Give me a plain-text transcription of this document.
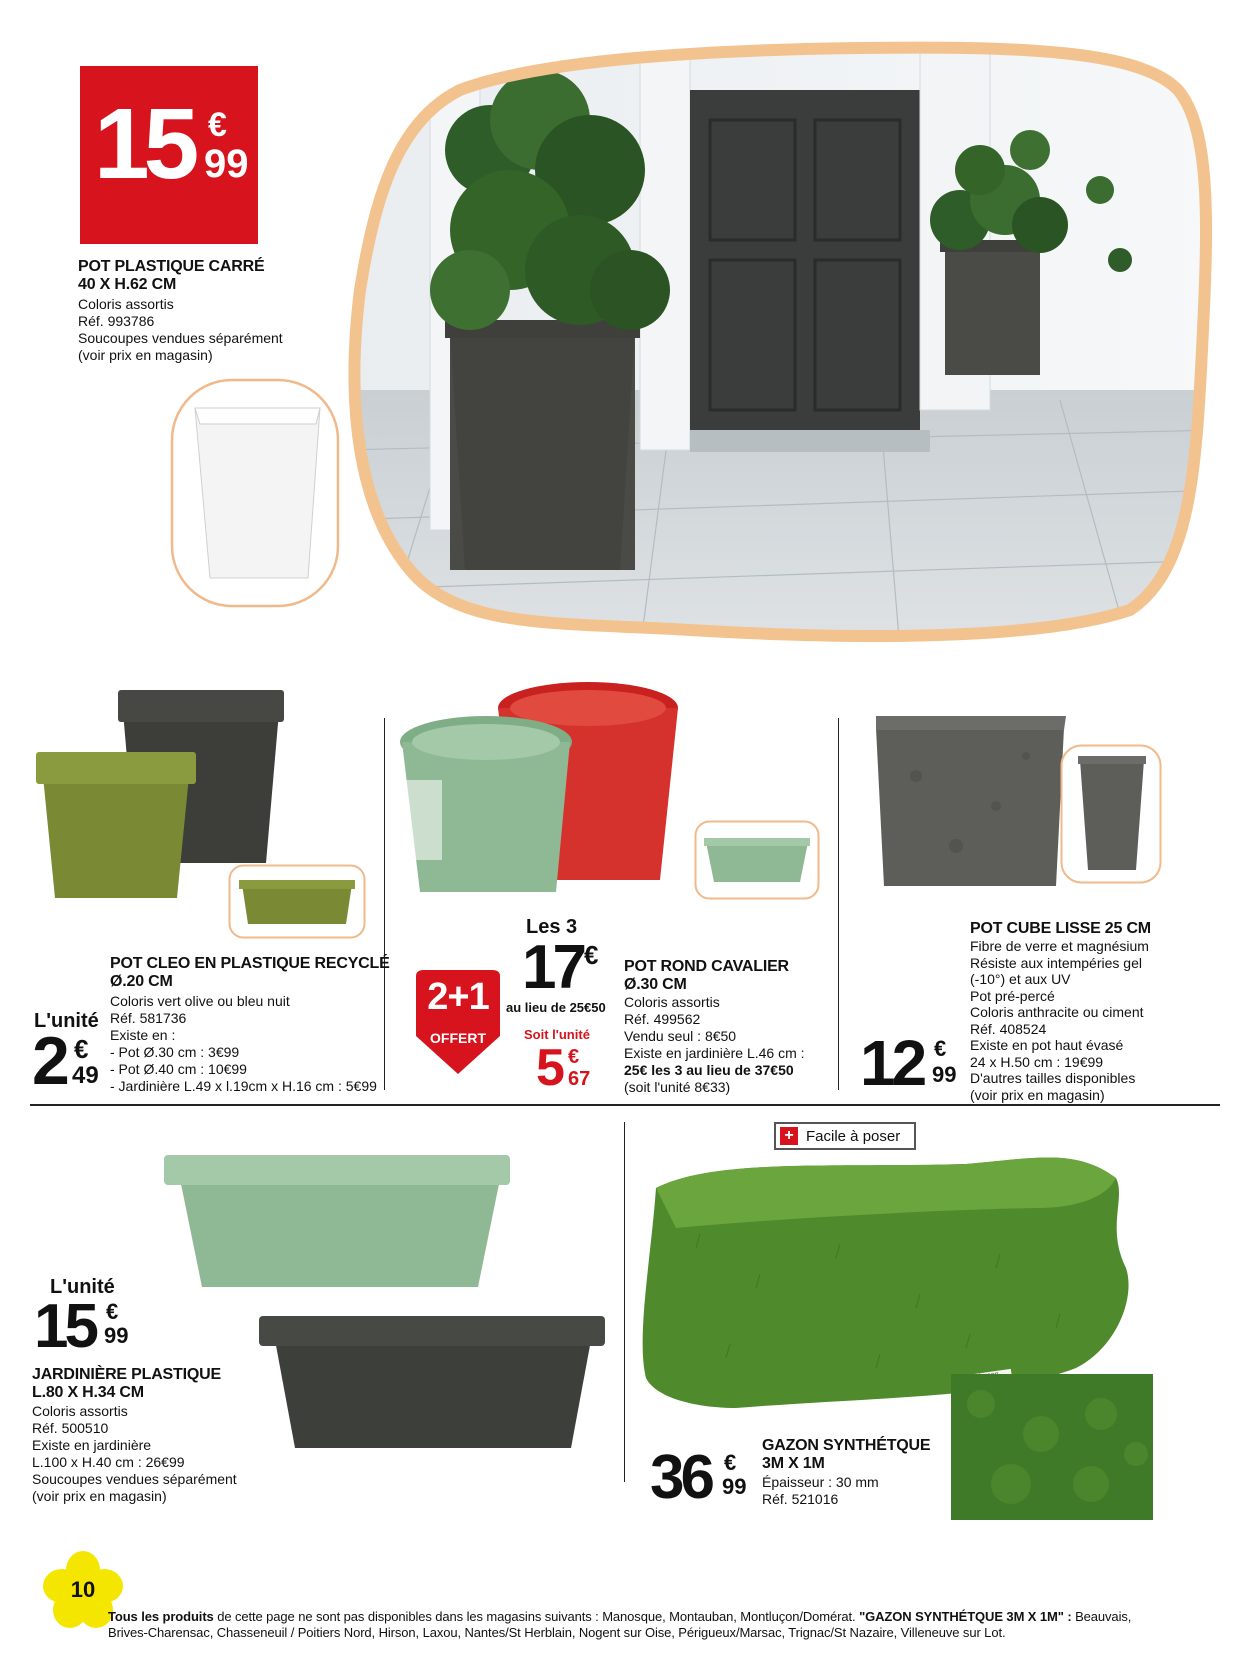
15 €
99
POT PLASTIQUE CARRÉ
40 X H.62 CM
Coloris assortis
Réf. 993786
Soucoupes vendues séparément
(voir prix en magasin)
POT CLEO EN PLASTIQUE RECYCLÉ
Ø.20 CM
L'unité
2 €
49
Coloris vert olive ou bleu nuit
Réf. 581736
Existe en :
- Pot Ø.30 cm : 3€99
- Pot Ø.40 cm : 10€99
- Jardinière L.49 x l.19cm x H.16 cm : 5€99
Les 3
17 €
au lieu de 25€50
Soit l'unité
5 €
67
2+1
OFFERT
POT ROND CAVALIER
Ø.30 CM
Coloris assortis
Réf. 499562
Vendu seul : 8€50
Existe en jardinière L.46 cm :
25€ les 3 au lieu de 37€50
(soit l'unité 8€33)
POT CUBE LISSE 25 CM
Fibre de verre et magnésium
Résiste aux intempéries gel
(-10°) et aux UV
Pot pré-percé
Coloris anthracite ou ciment
Réf. 408524
Existe en pot haut évasé
24 x H.50 cm : 19€99
D'autres tailles disponibles
(voir prix en magasin)
12 €
99
L'unité
15 €
99
JARDINIÈRE PLASTIQUE
L.80 X H.34 CM
Coloris assortis
Réf. 500510
Existe en jardinière
L.100 x H.40 cm : 26€99
Soucoupes vendues séparément
(voir prix en magasin)
+ Facile à poser
GAZON SYNTHÉTQUE
3M X 1M
Épaisseur : 30 mm
Réf. 521016
36 €
99
10
Tous les produits de cette page ne sont pas disponibles dans les magasins suivants : Manosque, Montauban, Montluçon/Domérat. "GAZON SYNTHÉTQUE 3M X 1M" : Beauvais,
Brives-Charensac, Chasseneuil / Poitiers Nord, Hirson, Laxou, Nantes/St Herblain, Nogent sur Oise, Périgueux/Marsac, Trignac/St Nazaire, Villeneuve sur Lot.
